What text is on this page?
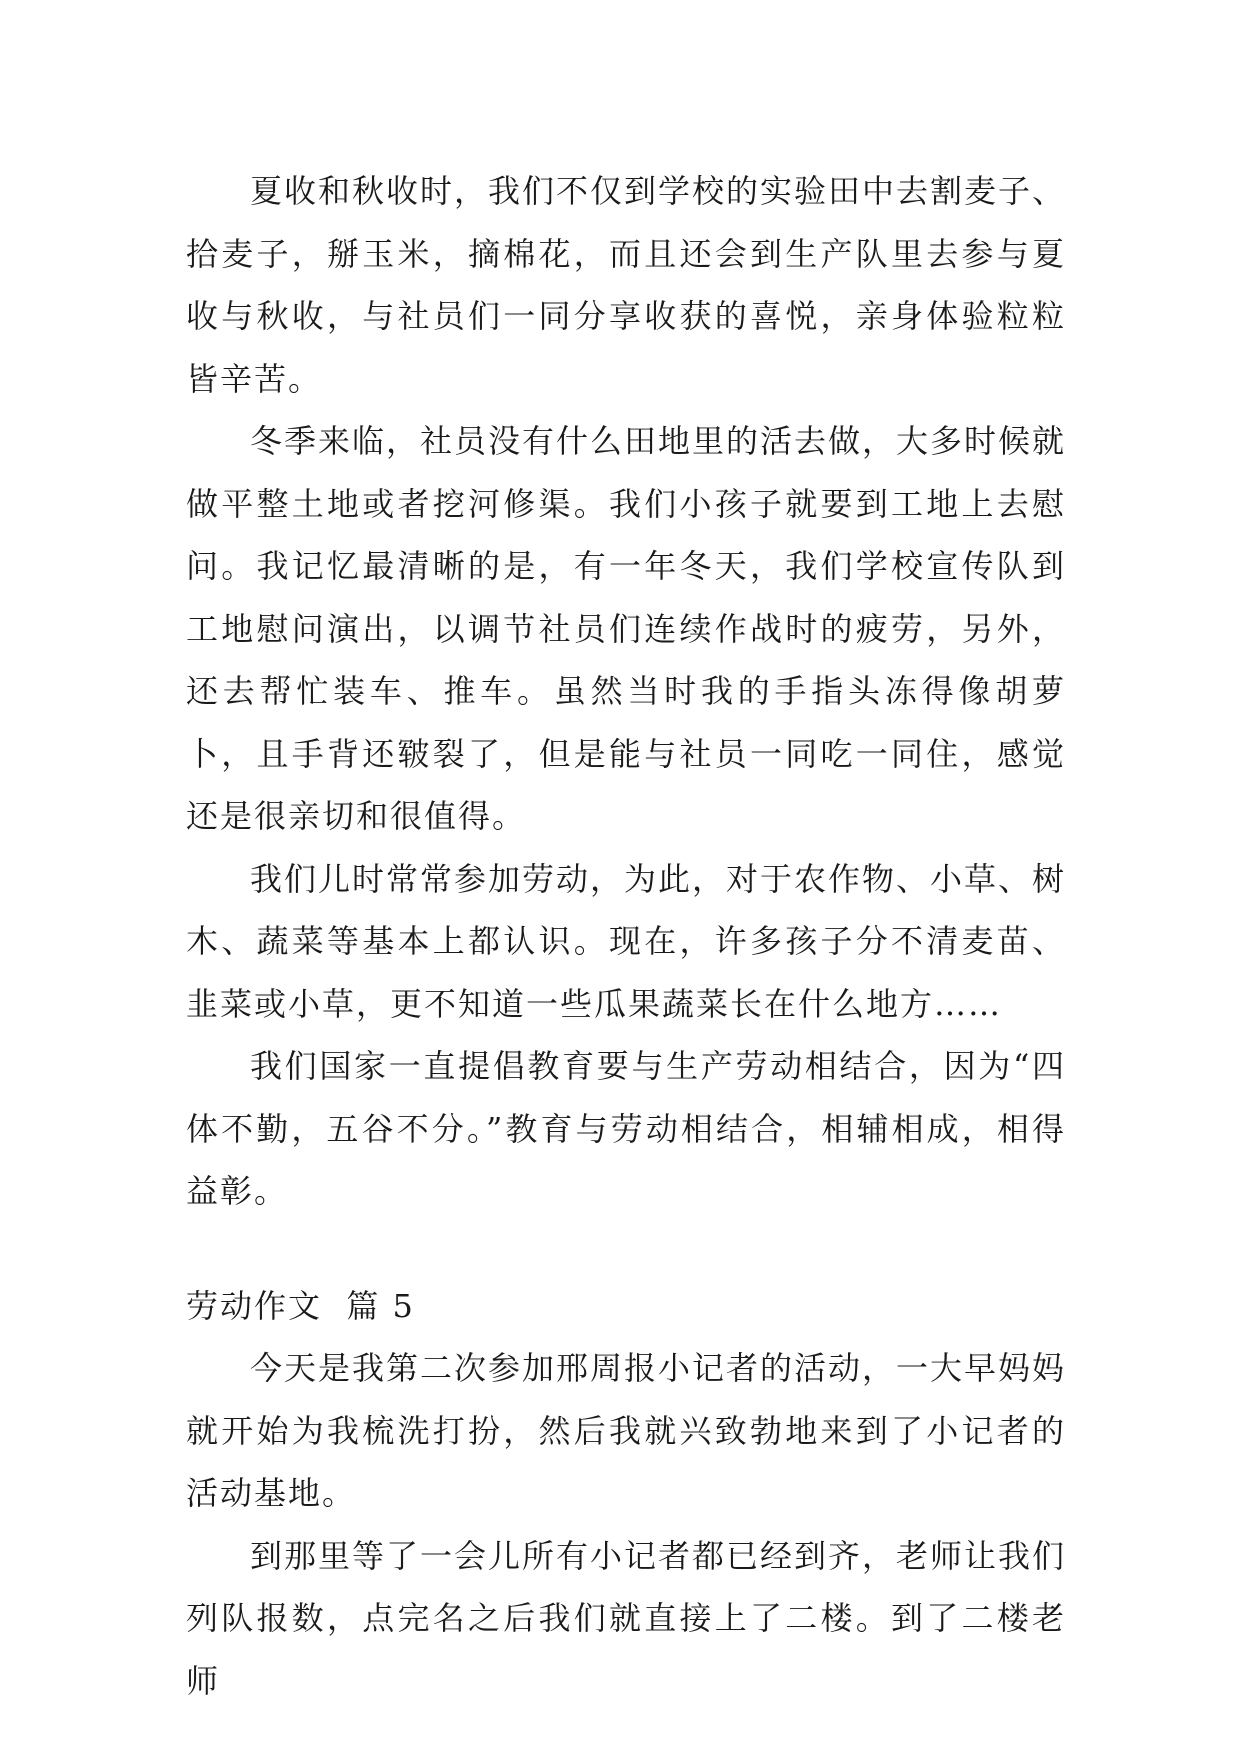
夏收和秋收时，我们不仅到学校的实验田中去割麦子、拾麦子，掰玉米，摘棉花，而且还会到生产队里去参与夏收与秋收，与社员们一同分享收获的喜悦，亲身体验粒粒皆辛苦。

冬季来临，社员没有什么田地里的活去做，大多时候就做平整土地或者挖河修渠。我们小孩子就要到工地上去慰问。我记忆最清晰的是，有一年冬天，我们学校宣传队到工地慰问演出，以调节社员们连续作战时的疲劳，另外，还去帮忙装车、推车。虽然当时我的手指头冻得像胡萝卜，且手背还皲裂了，但是能与社员一同吃一同住，感觉还是很亲切和很值得。

我们儿时常常参加劳动，为此，对于农作物、小草、树木、蔬菜等基本上都认识。现在，许多孩子分不清麦苗、韭菜或小草，更不知道一些瓜果蔬菜长在什么地方……

我们国家一直提倡教育要与生产劳动相结合，因为“四体不勤，五谷不分。”教育与劳动相结合，相辅相成，相得益彰。

劳动作文  篇 5

今天是我第二次参加邢周报小记者的活动，一大早妈妈就开始为我梳洗打扮，然后我就兴致勃地来到了小记者的活动基地。

到那里等了一会儿所有小记者都已经到齐，老师让我们列队报数，点完名之后我们就直接上了二楼。到了二楼老师
